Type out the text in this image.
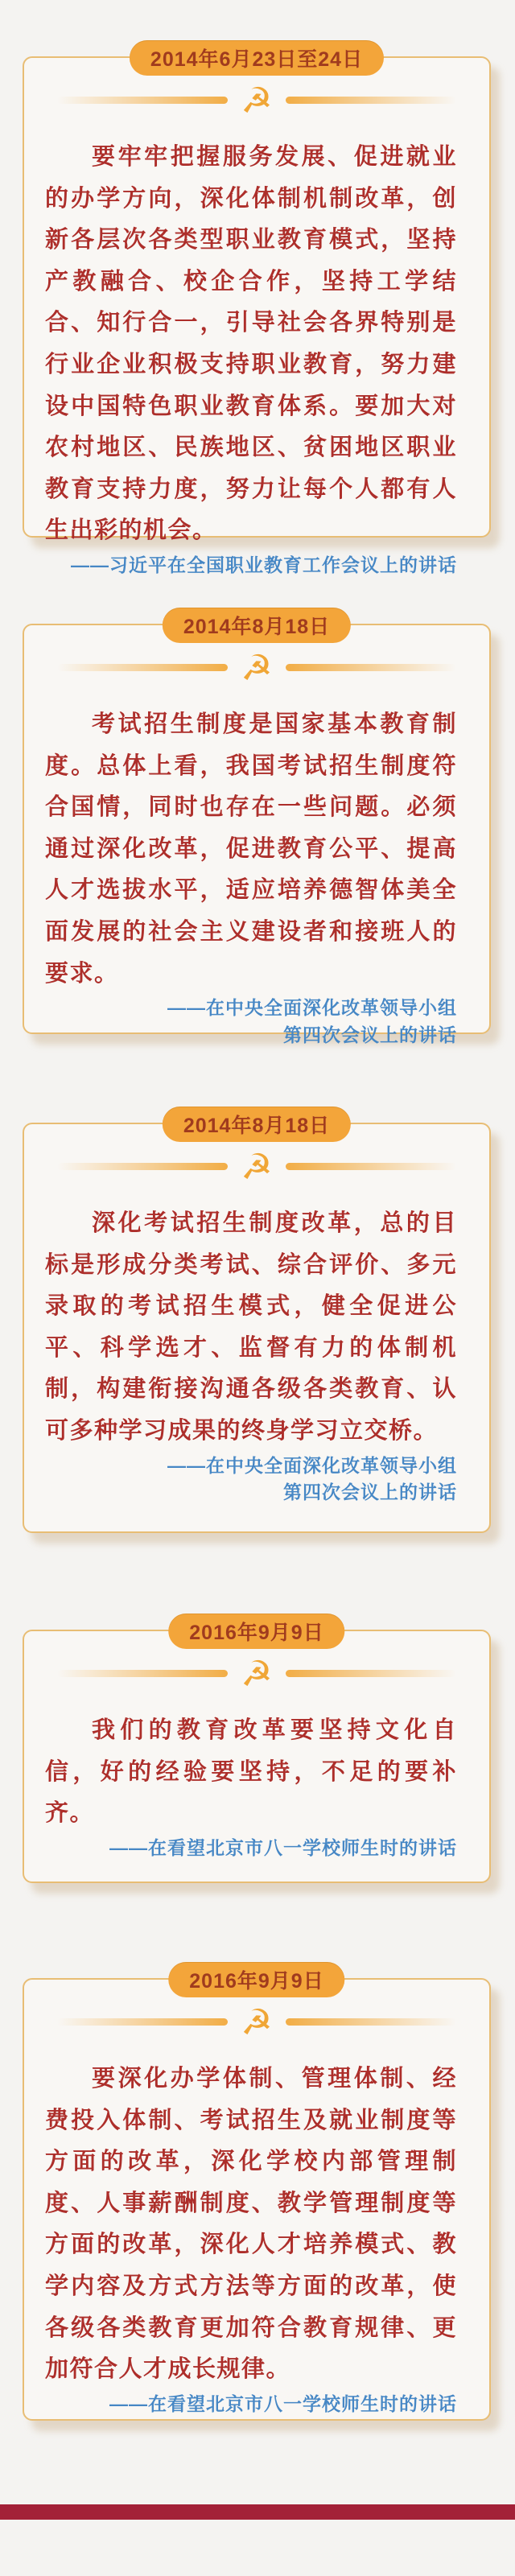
2014年6月23日至24日
☭

要牢牢把握服务发展、促进就业的办学方向，深化体制机制改革，创新各层次各类型职业教育模式，坚持产教融合、校企合作，坚持工学结合、知行合一，引导社会各界特别是行业企业积极支持职业教育，努力建设中国特色职业教育体系。要加大对农村地区、民族地区、贫困地区职业教育支持力度，努力让每个人都有人生出彩的机会。

——习近平在全国职业教育工作会议上的讲话

2014年8月18日
☭

考试招生制度是国家基本教育制度。总体上看，我国考试招生制度符合国情，同时也存在一些问题。必须通过深化改革，促进教育公平、提高人才选拔水平，适应培养德智体美全面发展的社会主义建设者和接班人的要求。

——在中央全面深化改革领导小组
第四次会议上的讲话

2014年8月18日
☭

深化考试招生制度改革，总的目标是形成分类考试、综合评价、多元录取的考试招生模式，健全促进公平、科学选才、监督有力的体制机制，构建衔接沟通各级各类教育、认可多种学习成果的终身学习立交桥。

——在中央全面深化改革领导小组
第四次会议上的讲话

2016年9月9日
☭

我们的教育改革要坚持文化自信，好的经验要坚持，不足的要补齐。

——在看望北京市八一学校师生时的讲话

2016年9月9日
☭

要深化办学体制、管理体制、经费投入体制、考试招生及就业制度等方面的改革，深化学校内部管理制度、人事薪酬制度、教学管理制度等方面的改革，深化人才培养模式、教学内容及方式方法等方面的改革，使各级各类教育更加符合教育规律、更加符合人才成长规律。

——在看望北京市八一学校师生时的讲话
